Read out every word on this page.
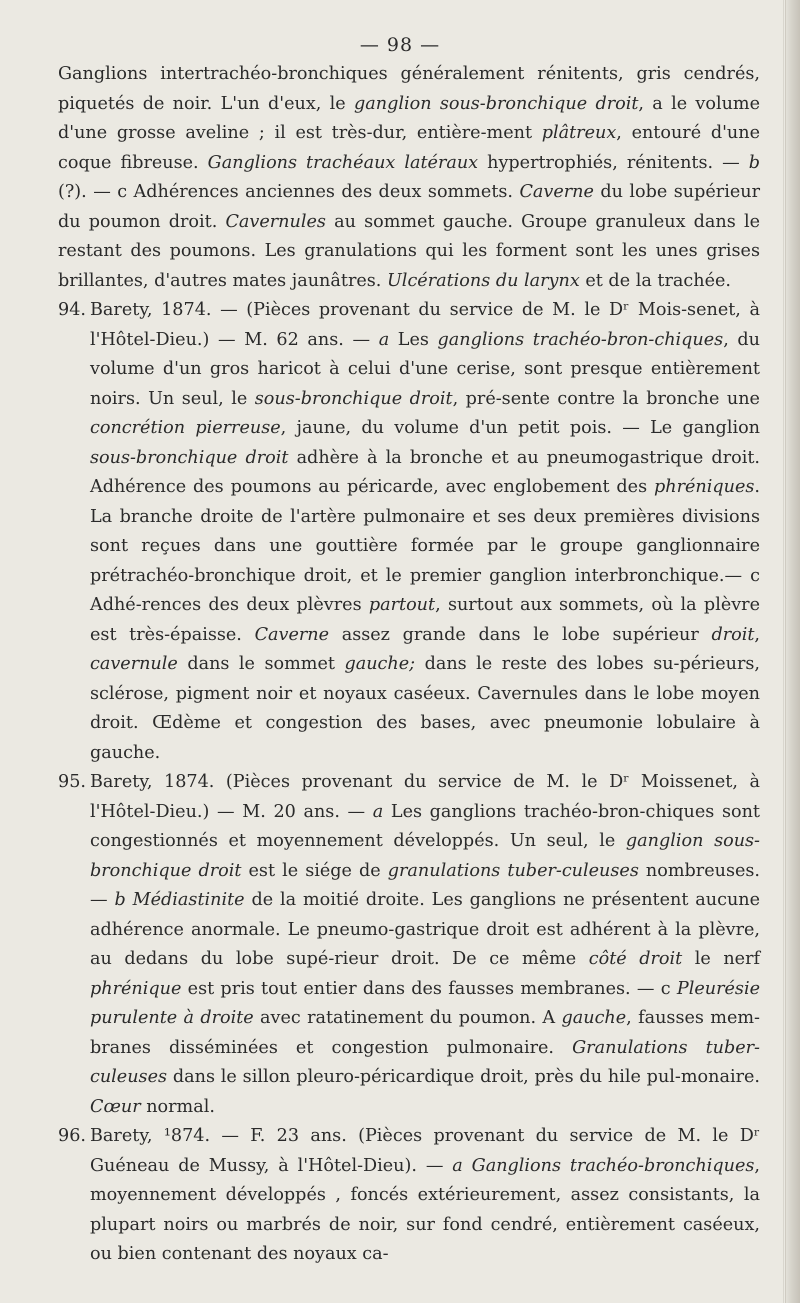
— 98 —

Ganglions intertrachéo-bronchiques généralement rénitents, gris cendrés, piquetés de noir. L'un d'eux, le ganglion sous-bronchique droit, a le volume d'une grosse aveline ; il est très-dur, entière-ment plâtreux, entouré d'une coque fibreuse. Ganglions trachéaux latéraux hypertrophiés, rénitents. — b (?). — c Adhérences anciennes des deux sommets. Caverne du lobe supérieur du poumon droit. Cavernules au sommet gauche. Groupe granuleux dans le restant des poumons. Les granulations qui les forment sont les unes grises brillantes, d'autres mates jaunâtres. Ulcérations du larynx et de la trachée.

94. Barety, 1874. — (Pièces provenant du service de M. le Dʳ Mois-senet, à l'Hôtel-Dieu.) — M. 62 ans. — a Les ganglions trachéo-bron-chiques, du volume d'un gros haricot à celui d'une cerise, sont presque entièrement noirs. Un seul, le sous-bronchique droit, pré-sente contre la bronche une concrétion pierreuse, jaune, du volume d'un petit pois. — Le ganglion sous-bronchique droit adhère à la bronche et au pneumogastrique droit. Adhérence des poumons au péricarde, avec englobement des phréniques. La branche droite de l'artère pulmonaire et ses deux premières divisions sont reçues dans une gouttière formée par le groupe ganglionnaire prétrachéo-bronchique droit, et le premier ganglion interbronchique.— c Adhé-rences des deux plèvres partout, surtout aux sommets, où la plèvre est très-épaisse. Caverne assez grande dans le lobe supérieur droit, cavernule dans le sommet gauche; dans le reste des lobes su-périeurs, sclérose, pigment noir et noyaux caséeux. Cavernules dans le lobe moyen droit. Œdème et congestion des bases, avec pneumonie lobulaire à gauche.

95. Barety, 1874. (Pièces provenant du service de M. le Dʳ Moissenet, à l'Hôtel-Dieu.) — M. 20 ans. — a Les ganglions trachéo-bron-chiques sont congestionnés et moyennement développés. Un seul, le ganglion sous-bronchique droit est le siége de granulations tuber-culeuses nombreuses. — b Médiastinite de la moitié droite. Les ganglions ne présentent aucune adhérence anormale. Le pneumo-gastrique droit est adhérent à la plèvre, au dedans du lobe supé-rieur droit. De ce même côté droit le nerf phrénique est pris tout entier dans des fausses membranes. — c Pleurésie purulente à droite avec ratatinement du poumon. A gauche, fausses mem-branes disséminées et congestion pulmonaire. Granulations tuber-culeuses dans le sillon pleuro-péricardique droit, près du hile pul-monaire. Cœur normal.

96. Barety, ¹874. — F. 23 ans. (Pièces provenant du service de M. le Dʳ Guéneau de Mussy, à l'Hôtel-Dieu). — a Ganglions trachéo-bronchiques, moyennement développés , foncés extérieurement, assez consistants, la plupart noirs ou marbrés de noir, sur fond cendré, entièrement caséeux, ou bien contenant des noyaux ca-
